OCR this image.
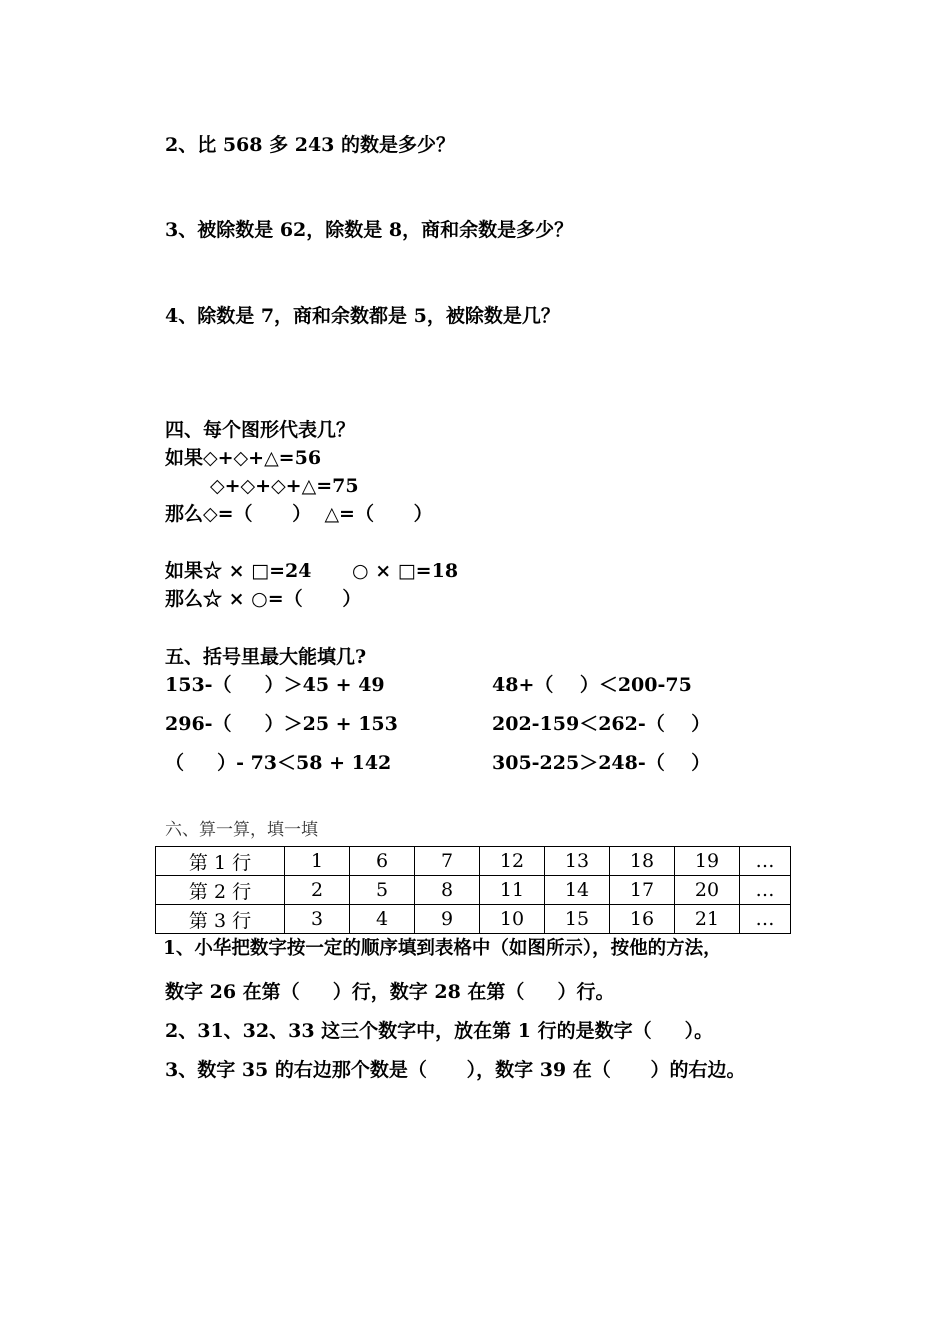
2、比 568 多 243 的数是多少？
3、被除数是 62，除数是 8，商和余数是多少？
4、除数是 7，商和余数都是 5，被除数是几？
四、每个图形代表几？
如果◇+◇+△=56
◇+◇+◇+△=75
那么◇=（      ）  △=（      ）
如果☆ × □=24 ○ × □=18
那么☆ × ○=（      ）
五、括号里最大能填几?
153-（     ）＞45 + 49	48+（    ）＜200-75
296-（     ）＞25 + 153	202-159＜262-（    ）
（     ）- 73＜58 + 142	305-225＞248-（    ）
六、算一算，填一填
第 1 行	1	6	7	12	13	18	19	…
第 2 行	2	5	8	11	14	17	20	…
第 3 行	3	4	9	10	15	16	21	…
1、小华把数字按一定的顺序填到表格中（如图所示），按他的方法，
数字 26 在第（     ）行，数字 28 在第（     ）行。
2、31、32、33 这三个数字中，放在第 1 行的是数字（     ）。
3、数字 35 的右边那个数是（      ），数字 39 在（      ）的右边。
